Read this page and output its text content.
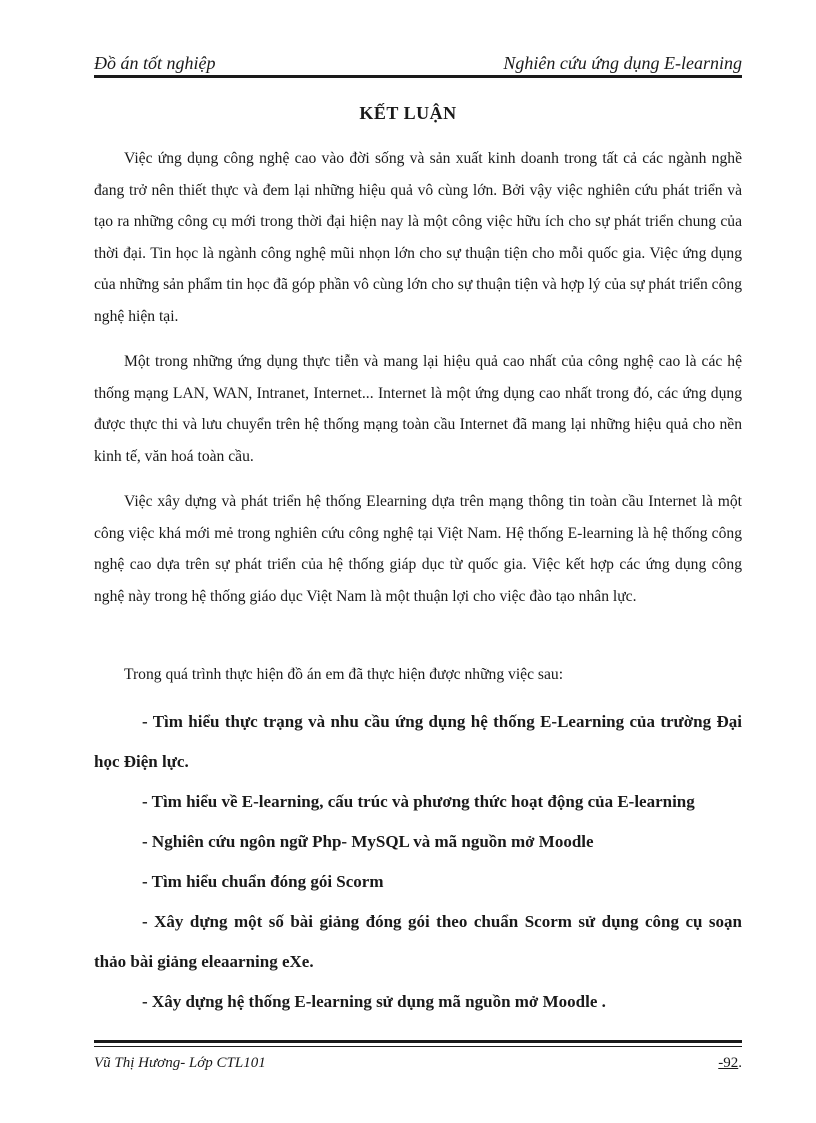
Đồ án tốt nghiệp	Nghiên cứu ứng dụng E-learning
KẾT LUẬN

Việc ứng dụng công nghệ cao vào đời sống và sản xuất kinh doanh trong tất cả các ngành nghề đang trở nên thiết thực và đem lại những hiệu quả vô cùng lớn. Bởi vậy việc nghiên cứu phát triển và tạo ra những công cụ mới trong thời đại hiện nay là một công việc hữu ích cho sự phát triển chung của thời đại. Tin học là ngành công nghệ mũi nhọn lớn cho sự thuận tiện cho mỗi quốc gia. Việc ứng dụng của những sản phẩm tin học đã góp phần vô cùng lớn cho sự thuận tiện và hợp lý của sự phát triển công nghệ hiện tại.

Một trong những ứng dụng thực tiễn và mang lại hiệu quả cao nhất của công nghệ cao là các hệ thống mạng LAN, WAN, Intranet, Internet... Internet là một ứng dụng cao nhất trong đó, các ứng dụng được thực thi và lưu chuyển trên hệ thống mạng toàn cầu Internet đã mang lại những hiệu quả cho nền kinh tế, văn hoá toàn cầu.

Việc xây dựng và phát triển hệ thống Elearning dựa trên mạng thông tin toàn cầu Internet là một công việc khá mới mẻ trong nghiên cứu công nghệ tại Việt Nam. Hệ thống E-learning là hệ thống công nghệ cao dựa trên sự phát triển của hệ thống giáp dục từ quốc gia. Việc kết hợp các ứng dụng công nghệ này trong hệ thống giáo dục Việt Nam là một thuận lợi cho việc đào tạo nhân lực.

Trong quá trình thực hiện đồ án em đã thực hiện được những việc sau:

- Tìm hiểu thực trạng và nhu cầu ứng dụng hệ thống E-Learning của trường Đại học Điện lực.

- Tìm hiểu về E-learning, cấu trúc và phương thức hoạt động của E-learning

- Nghiên cứu ngôn ngữ Php- MySQL và mã nguồn mở Moodle

- Tìm hiểu chuẩn đóng gói Scorm

- Xây dựng một số bài giảng đóng gói theo chuẩn Scorm sử dụng công cụ soạn thảo bài giảng eleaarning eXe.

- Xây dựng hệ thống E-learning sử dụng mã nguồn mở Moodle .

Vũ Thị Hương- Lớp CTL101	-92.
